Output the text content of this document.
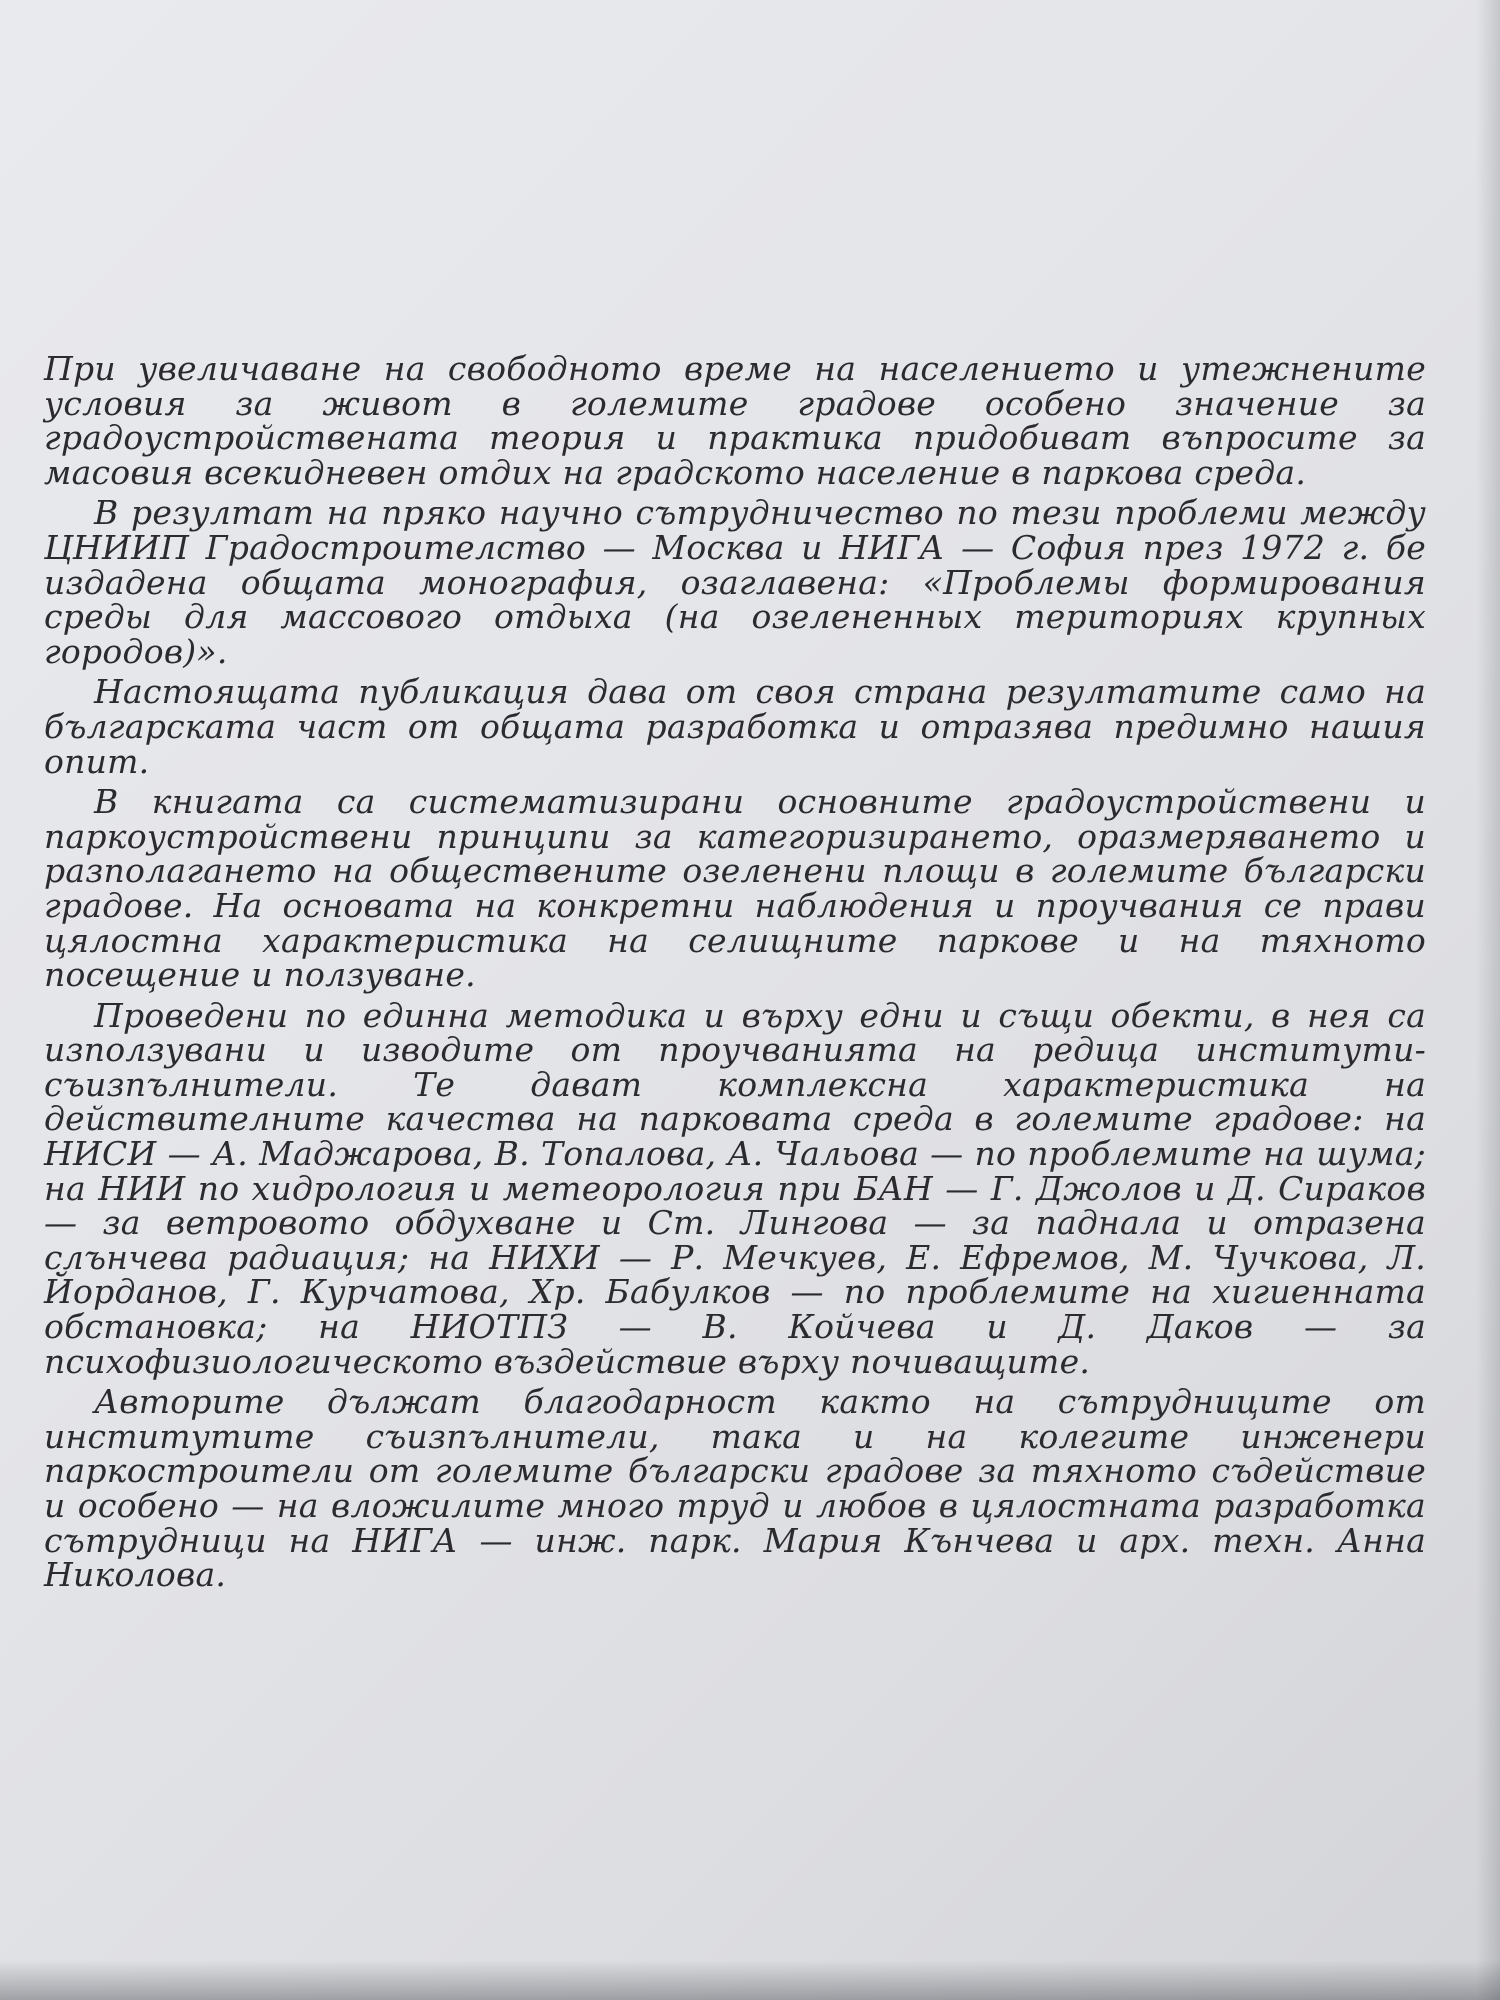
При увеличаване на свободното време на населението и утежнените условия за живот в големите градове особено значение за градоустройствената теория и практика придобиват въпросите за масовия всекидневен отдих на градското население в паркова среда.

В резултат на пряко научно сътрудничество по тези проблеми между ЦНИИП Градостроителство — Москва и НИГА — София през 1972 г. бе издадена общата монография, озаглавена: «Проблемы формирования среды для массового отдыха (на озелененных териториях крупных городов)».

Настоящата публикация дава от своя страна резултатите само на българската част от общата разработка и отразява предимно нашия опит.

В книгата са систематизирани основните градоустройствени и паркоустройствени принципи за категоризирането, оразмеряването и разполагането на обществените озеленени площи в големите български градове. На основата на конкретни наблюдения и проучвания се прави цялостна характеристика на селищните паркове и на тяхното посещение и ползуване.

Проведени по единна методика и върху едни и същи обекти, в нея са използувани и изводите от проучванията на редица институти-съизпълнители. Те дават комплексна характеристика на действителните качества на парковата среда в големите градове: на НИСИ — А. Маджарова, В. Топалова, А. Чальова — по проблемите на шума; на НИИ по хидрология и метеорология при БАН — Г. Джолов и Д. Сираков — за ветровото обдухване и Ст. Лингова — за паднала и отразена слънчева радиация; на НИХИ — Р. Мечкуев, Е. Ефремов, М. Чучкова, Л. Йорданов, Г. Курчатова, Хр. Бабулков — по проблемите на хигиенната обстановка; на НИОТПЗ — В. Койчева и Д. Даков — за психофизиологическото въздействие върху почиващите.

Авторите дължат благодарност както на сътрудниците от институтите съизпълнители, така и на колегите инженери паркостроители от големите български градове за тяхното съдействие и особено — на вложилите много труд и любов в цялостната разработка сътрудници на НИГА — инж. парк. Мария Кънчева и арх. техн. Анна Николова.
